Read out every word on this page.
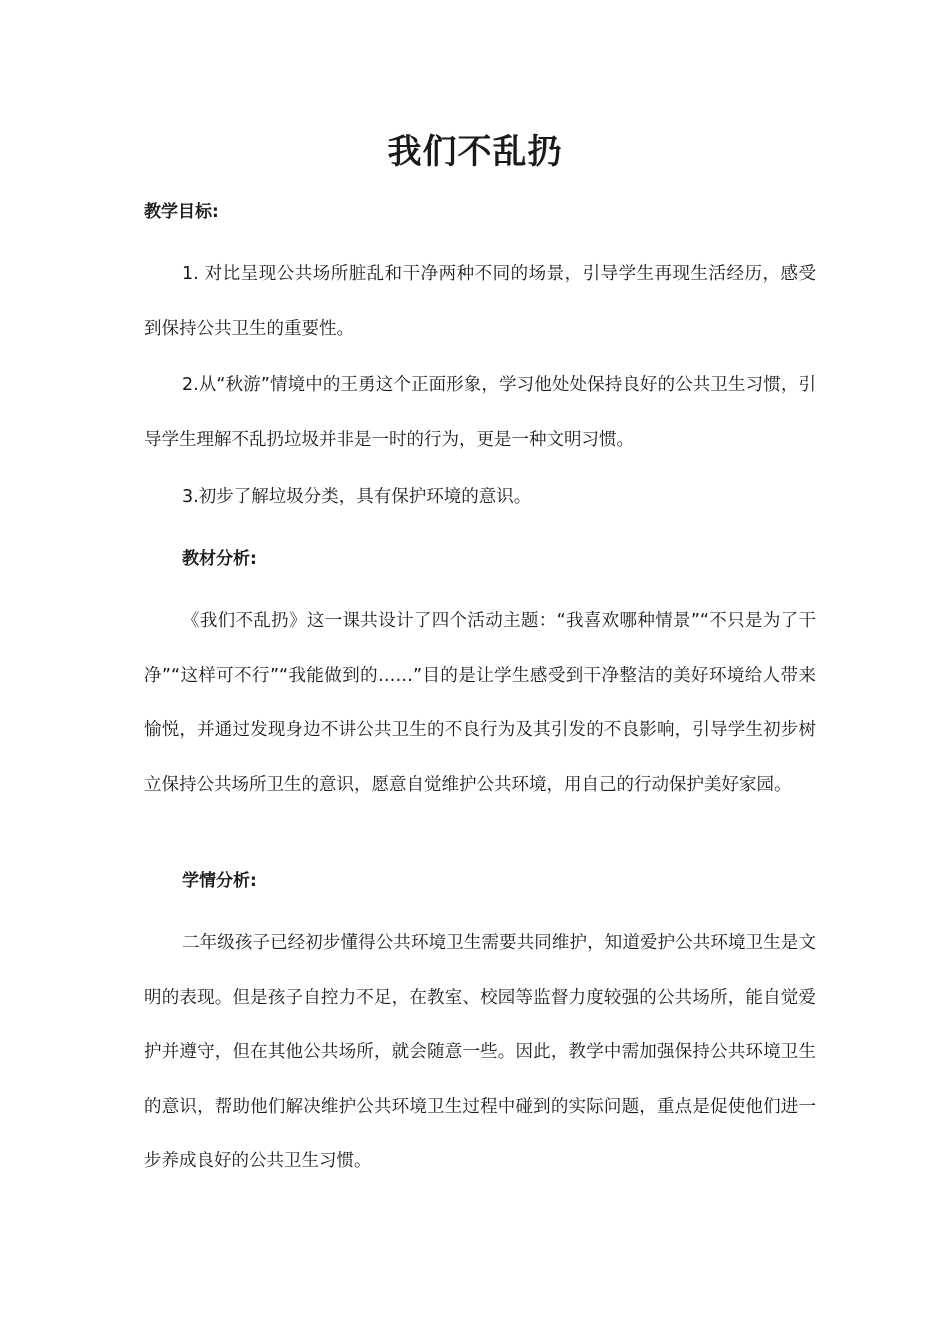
我们不乱扔
教学目标:

1. 对比呈现公共场所脏乱和干净两种不同的场景，引导学生再现生活经历，感受到保持公共卫生的重要性。

2.从“秋游”情境中的王勇这个正面形象，学习他处处保持良好的公共卫生习惯，引导学生理解不乱扔垃圾并非是一时的行为，更是一种文明习惯。

3.初步了解垃圾分类，具有保护环境的意识。

教材分析:

《我们不乱扔》这一课共设计了四个活动主题：“我喜欢哪种情景”“不只是为了干净”“这样可不行”“我能做到的……”目的是让学生感受到干净整洁的美好环境给人带来愉悦，并通过发现身边不讲公共卫生的不良行为及其引发的不良影响，引导学生初步树立保持公共场所卫生的意识，愿意自觉维护公共环境，用自己的行动保护美好家园。

学情分析:

二年级孩子已经初步懂得公共环境卫生需要共同维护，知道爱护公共环境卫生是文明的表现。但是孩子自控力不足，在教室、校园等监督力度较强的公共场所，能自觉爱护并遵守，但在其他公共场所，就会随意一些。因此，教学中需加强保持公共环境卫生的意识，帮助他们解决维护公共环境卫生过程中碰到的实际问题，重点是促使他们进一步养成良好的公共卫生习惯。
